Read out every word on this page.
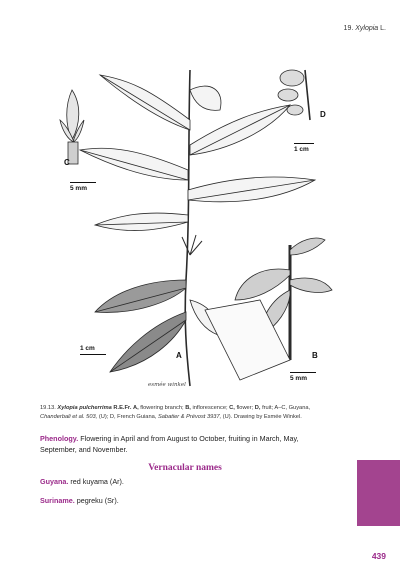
19. Xylopia L.
C
D
A	B
5 mm
1 cm
1 cm
5 mm
esmée winkel
19.13. Xylopia pulcherrima R.E.Fr. A, flowering branch; B, inflorescence; C, flower; D, fruit; A–C, Guyana, Chanderbali et al. 503, (U); D, French Guiana, Sabatier & Prévost 3937, (U). Drawing by Esmée Winkel.
Phenology. Flowering in April and from August to October, fruiting in March, May, September, and November.
Vernacular names
Guyana. red kuyama (Ar).
Suriname. pegreku (Sr).
439
